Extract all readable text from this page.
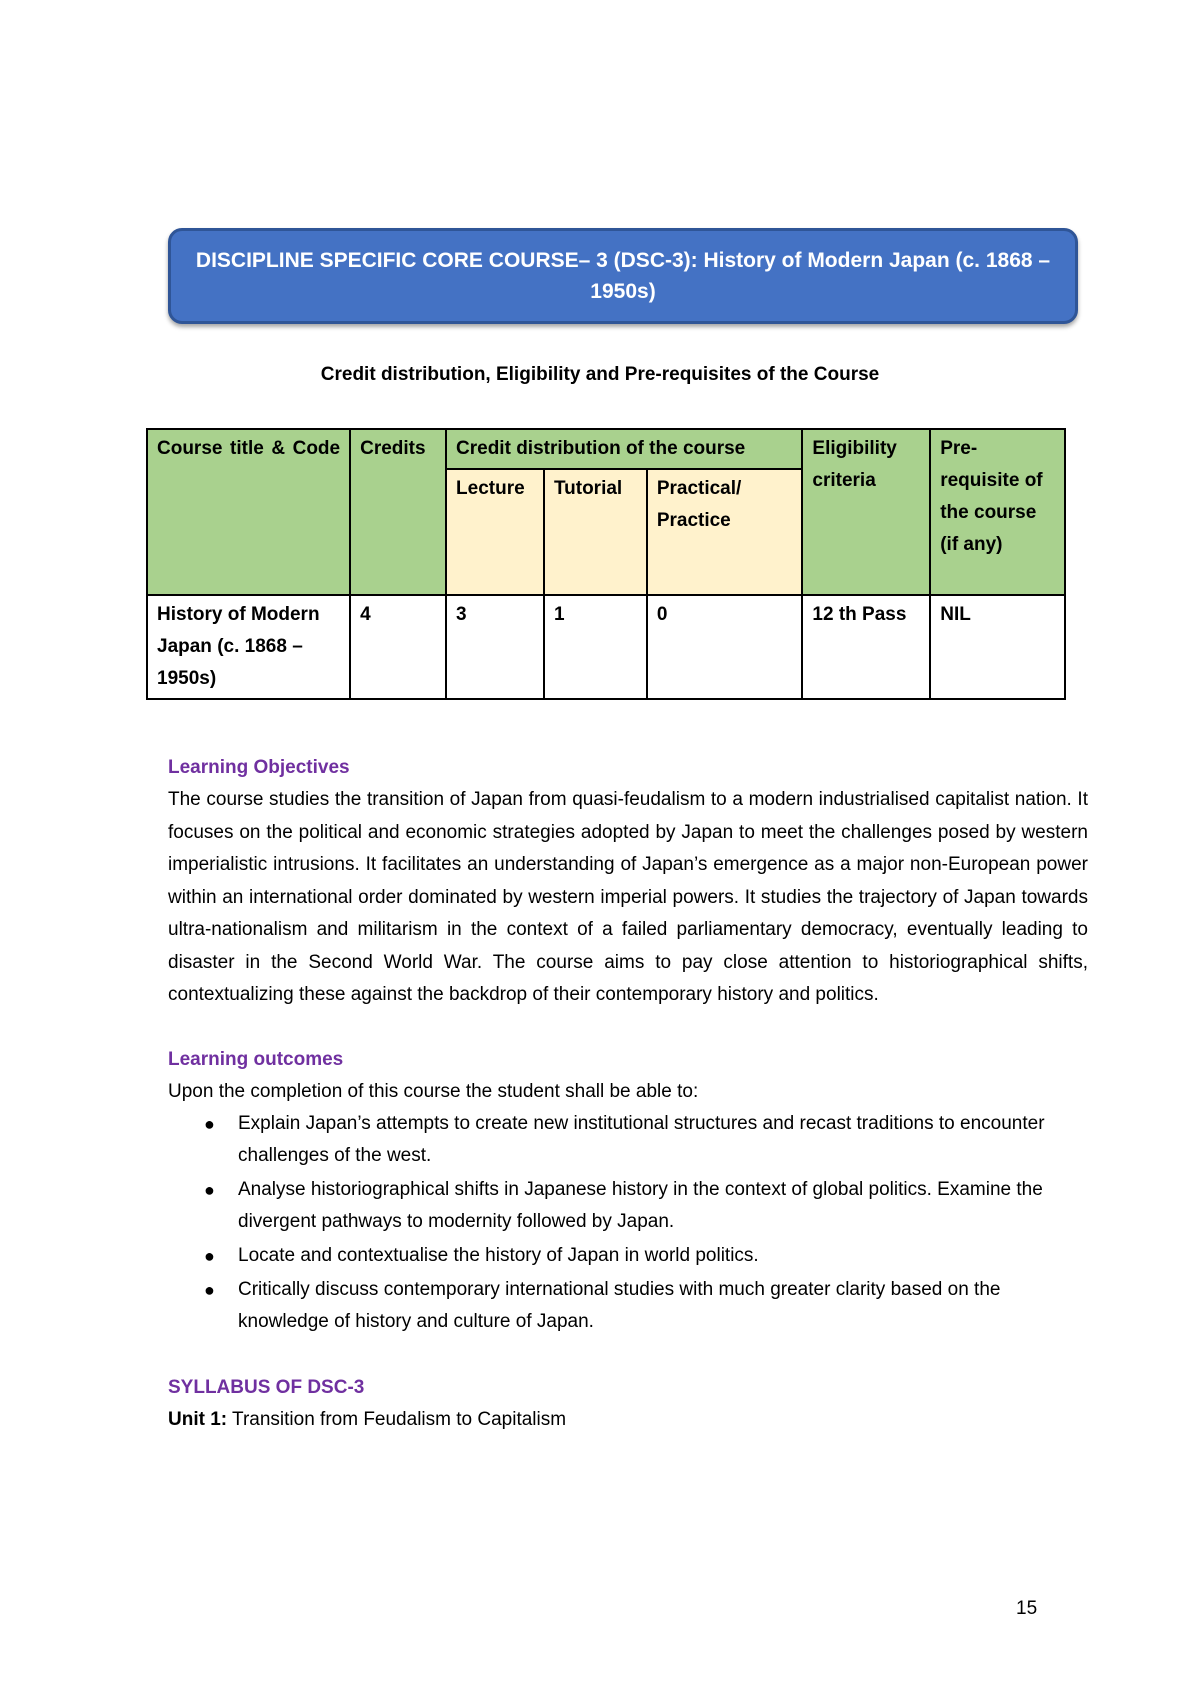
DISCIPLINE SPECIFIC CORE COURSE– 3 (DSC-3): History of Modern Japan (c. 1868 – 1950s)
Credit distribution, Eligibility and Pre-requisites of the Course
Course title & Code	Credits	Credit distribution of the course			Eligibility criteria	Pre-requisite of the course (if any)
		Lecture	Tutorial	Practical/ Practice		
History of Modern Japan (c. 1868 – 1950s)	4	3	1	0	12 th Pass	NIL
Learning Objectives

The course studies the transition of Japan from quasi-feudalism to a modern industrialised capitalist nation. It focuses on the political and economic strategies adopted by Japan to meet the challenges posed by western imperialistic intrusions. It facilitates an understanding of Japan’s emergence as a major non-European power within an international order dominated by western imperial powers. It studies the trajectory of Japan towards ultra-nationalism and militarism in the context of a failed parliamentary democracy, eventually leading to disaster in the Second World War. The course aims to pay close attention to historiographical shifts, contextualizing these against the backdrop of their contemporary history and politics.

Learning outcomes
Upon the completion of this course the student shall be able to:
● Explain Japan’s attempts to create new institutional structures and recast traditions to encounter challenges of the west.
● Analyse historiographical shifts in Japanese history in the context of global politics. Examine the divergent pathways to modernity followed by Japan.
● Locate and contextualise the history of Japan in world politics.
● Critically discuss contemporary international studies with much greater clarity based on the knowledge of history and culture of Japan.
SYLLABUS OF DSC-3
Unit 1: Transition from Feudalism to Capitalism
15
